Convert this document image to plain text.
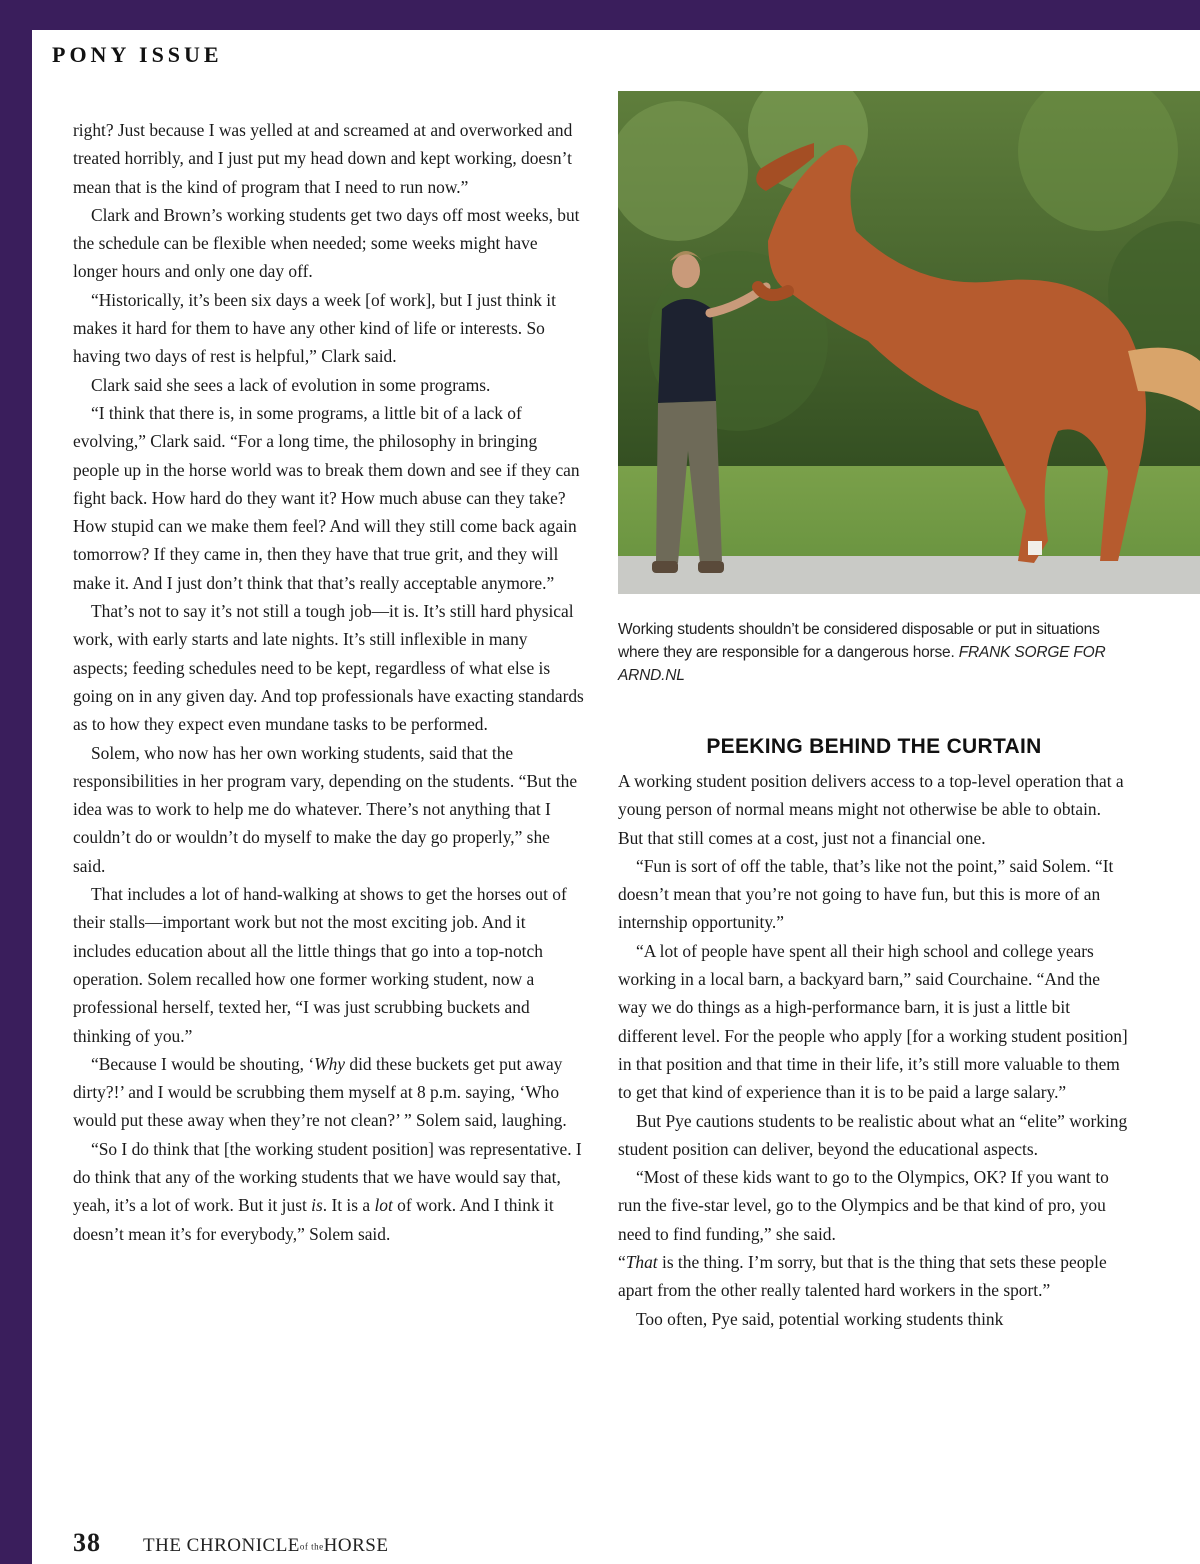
PONY ISSUE

right? Just because I was yelled at and screamed at and overworked and treated horribly, and I just put my head down and kept working, doesn’t mean that is the kind of program that I need to run now.”

Clark and Brown’s working students get two days off most weeks, but the schedule can be flexible when needed; some weeks might have longer hours and only one day off.

“Historically, it’s been six days a week [of work], but I just think it makes it hard for them to have any other kind of life or interests. So having two days of rest is helpful,” Clark said.

Clark said she sees a lack of evolution in some programs.

“I think that there is, in some programs, a little bit of a lack of evolving,” Clark said. “For a long time, the philosophy in bringing people up in the horse world was to break them down and see if they can fight back. How hard do they want it? How much abuse can they take? How stupid can we make them feel? And will they still come back again tomorrow? If they came in, then they have that true grit, and they will make it. And I just don’t think that that’s really acceptable anymore.”

That’s not to say it’s not still a tough job—it is. It’s still hard physical work, with early starts and late nights. It’s still inflexible in many aspects; feeding schedules need to be kept, regardless of what else is going on in any given day. And top professionals have exacting standards as to how they expect even mundane tasks to be performed.

Solem, who now has her own working students, said that the responsibilities in her program vary, depending on the students. “But the idea was to work to help me do whatever. There’s not anything that I couldn’t do or wouldn’t do myself to make the day go properly,” she said.

That includes a lot of hand-walking at shows to get the horses out of their stalls—important work but not the most exciting job. And it includes education about all the little things that go into a top-notch operation. Solem recalled how one former working student, now a professional herself, texted her, “I was just scrubbing buckets and thinking of you.”

“Because I would be shouting, ‘Why did these buckets get put away dirty?!’ and I would be scrubbing them myself at 8 p.m. saying, ‘Who would put these away when they’re not clean?’ ” Solem said, laughing.

“So I do think that [the working student position] was representative. I do think that any of the working students that we have would say that, yeah, it’s a lot of work. But it just is. It is a lot of work. And I think it doesn’t mean it’s for everybody,” Solem said.

Working students shouldn’t be considered disposable or put in situations where they are responsible for a dangerous horse. FRANK SORGE FOR ARND.NL
PEEKING BEHIND THE CURTAIN

A working student position delivers access to a top-level operation that a young person of normal means might not otherwise be able to obtain. But that still comes at a cost, just not a financial one.

“Fun is sort of off the table, that’s like not the point,” said Solem. “It doesn’t mean that you’re not going to have fun, but this is more of an internship opportunity.”

“A lot of people have spent all their high school and college years working in a local barn, a backyard barn,” said Courchaine. “And the way we do things as a high-performance barn, it is just a little bit different level. For the people who apply [for a working student position] in that position and that time in their life, it’s still more valuable to them to get that kind of experience than it is to be paid a large salary.”

But Pye cautions students to be realistic about what an “elite” working student position can deliver, beyond the educational aspects.

“Most of these kids want to go to the Olympics, OK? If you want to run the five-star level, go to the Olympics and be that kind of pro, you need to find funding,” she said.
“That is the thing. I’m sorry, but that is the thing that sets these people apart from the other really talented hard workers in the sport.”

Too often, Pye said, potential working students think

38 THE CHRONICLEof theHORSE
